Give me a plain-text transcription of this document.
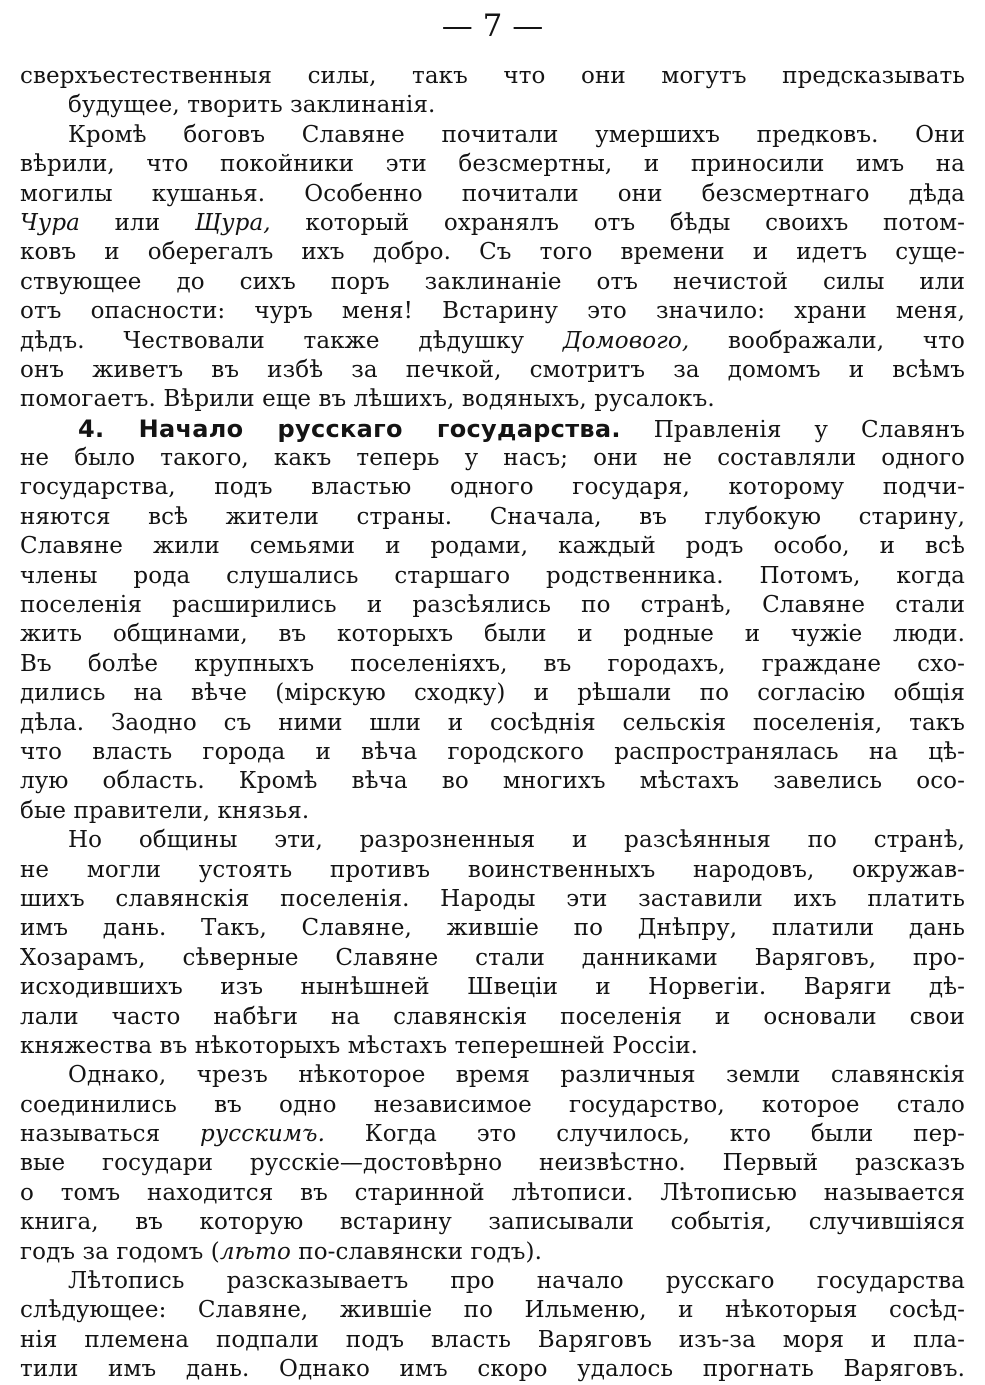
— 7 —
сверхъестественныя силы, такъ что они могутъ предсказывать
будущее, творить заклинанія.
Кромѣ боговъ Славяне почитали умершихъ предковъ. Они
вѣрили, что покойники эти безсмертны, и приносили имъ на
могилы кушанья. Особенно почитали они безсмертнаго дѣда
Чура или Щура, который охранялъ отъ бѣды своихъ потом-
ковъ и оберегалъ ихъ добро. Съ того времени и идетъ суще-
ствующее до сихъ поръ заклинаніе отъ нечистой силы или
отъ опасности: чуръ меня! Встарину это значило: храни меня,
дѣдъ. Чествовали также дѣдушку Домового, воображали, что
онъ живетъ въ избѣ за печкой, смотритъ за домомъ и всѣмъ
помогаетъ. Вѣрили еще въ лѣшихъ, водяныхъ, русалокъ.
4. Начало русскаго государства. Правленія у Славянъ
не было такого, какъ теперь у насъ; они не составляли одного
государства, подъ властью одного государя, которому подчи-
няются всѣ жители страны. Сначала, въ глубокую старину,
Славяне жили семьями и родами, каждый родъ особо, и всѣ
члены рода слушались старшаго родственника. Потомъ, когда
поселенія расширились и разсѣялись по странѣ, Славяне стали
жить общинами, въ которыхъ были и родные и чужіе люди.
Въ болѣе крупныхъ поселеніяхъ, въ городахъ, граждане схо-
дились на вѣче (мірскую сходку) и рѣшали по согласію общія
дѣла. Заодно съ ними шли и сосѣднія сельскія поселенія, такъ
что власть города и вѣча городского распространялась на цѣ-
лую область. Кромѣ вѣча во многихъ мѣстахъ завелись осо-
бые правители, князья.
Но общины эти, разрозненныя и разсѣянныя по странѣ,
не могли устоять противъ воинственныхъ народовъ, окружав-
шихъ славянскія поселенія. Народы эти заставили ихъ платить
имъ дань. Такъ, Славяне, жившіе по Днѣпру, платили дань
Хозарамъ, сѣверные Славяне стали данниками Варяговъ, про-
исходившихъ изъ нынѣшней Швеціи и Норвегіи. Варяги дѣ-
лали часто набѣги на славянскія поселенія и основали свои
княжества въ нѣкоторыхъ мѣстахъ теперешней Россіи.
Однако, чрезъ нѣкоторое время различныя земли славянскія
соединились въ одно независимое государство, которое стало
называться русскимъ. Когда это случилось, кто были пер-
вые государи русскіе—достовѣрно неизвѣстно. Первый разсказъ
о томъ находится въ старинной лѣтописи. Лѣтописью называется
книга, въ которую встарину записывали событія, случившіяся
годъ за годомъ (лѣто по-славянски годъ).
Лѣтопись разсказываетъ про начало русскаго государства
слѣдующее: Славяне, жившіе по Ильменю, и нѣкоторыя сосѣд-
нія племена подпали подъ власть Варяговъ изъ-за моря и пла-
тили имъ дань. Однако имъ скоро удалось прогнать Варяговъ.
